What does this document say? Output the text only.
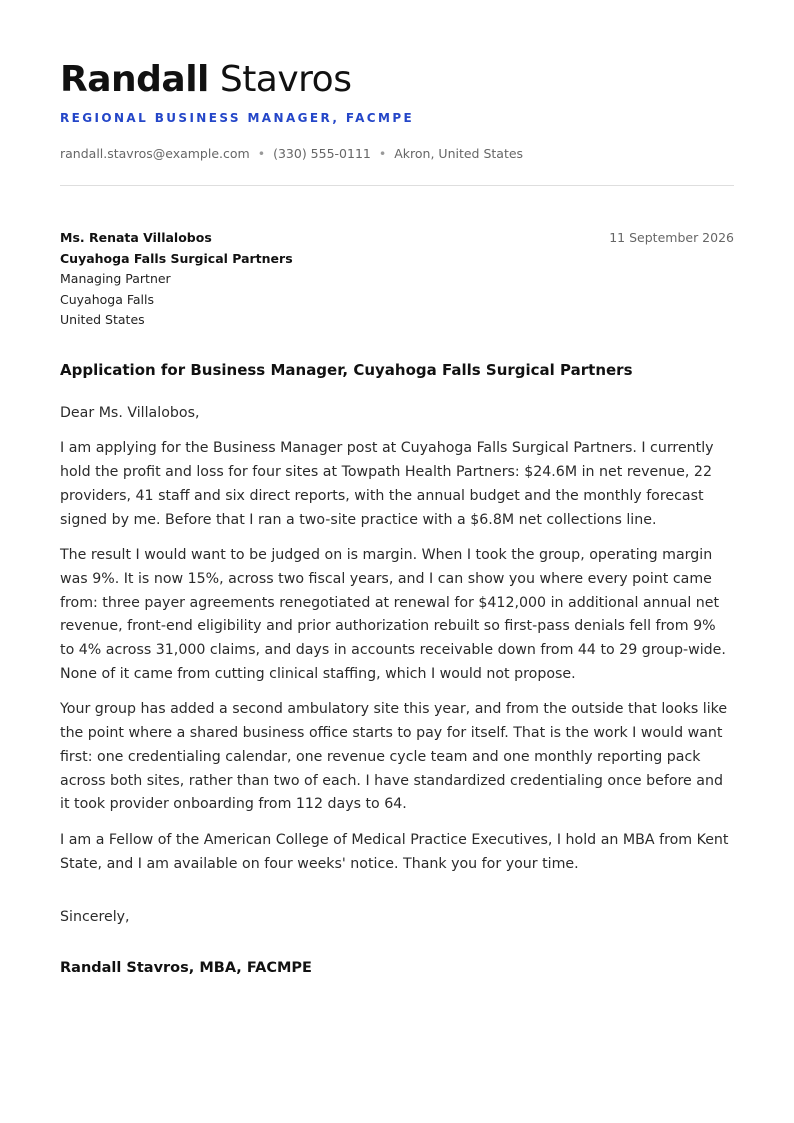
Randall Stavros
REGIONAL BUSINESS MANAGER, FACMPE
randall.stavros@example.com • (330) 555-0111 • Akron, United States
Ms. Renata Villalobos
Cuyahoga Falls Surgical Partners
Managing Partner
Cuyahoga Falls
United States
11 September 2026
Application for Business Manager, Cuyahoga Falls Surgical Partners

Dear Ms. Villalobos,

I am applying for the Business Manager post at Cuyahoga Falls Surgical Partners. I currently hold the profit and loss for four sites at Towpath Health Partners: $24.6M in net revenue, 22 providers, 41 staff and six direct reports, with the annual budget and the monthly forecast signed by me. Before that I ran a two-site practice with a $6.8M net collections line.

The result I would want to be judged on is margin. When I took the group, operating margin was 9%. It is now 15%, across two fiscal years, and I can show you where every point came from: three payer agreements renegotiated at renewal for $412,000 in additional annual net revenue, front-end eligibility and prior authorization rebuilt so first-pass denials fell from 9% to 4% across 31,000 claims, and days in accounts receivable down from 44 to 29 group-wide. None of it came from cutting clinical staffing, which I would not propose.

Your group has added a second ambulatory site this year, and from the outside that looks like the point where a shared business office starts to pay for itself. That is the work I would want first: one credentialing calendar, one revenue cycle team and one monthly reporting pack across both sites, rather than two of each. I have standardized credentialing once before and it took provider onboarding from 112 days to 64.

I am a Fellow of the American College of Medical Practice Executives, I hold an MBA from Kent State, and I am available on four weeks' notice. Thank you for your time.

Sincerely,
Randall Stavros, MBA, FACMPE
